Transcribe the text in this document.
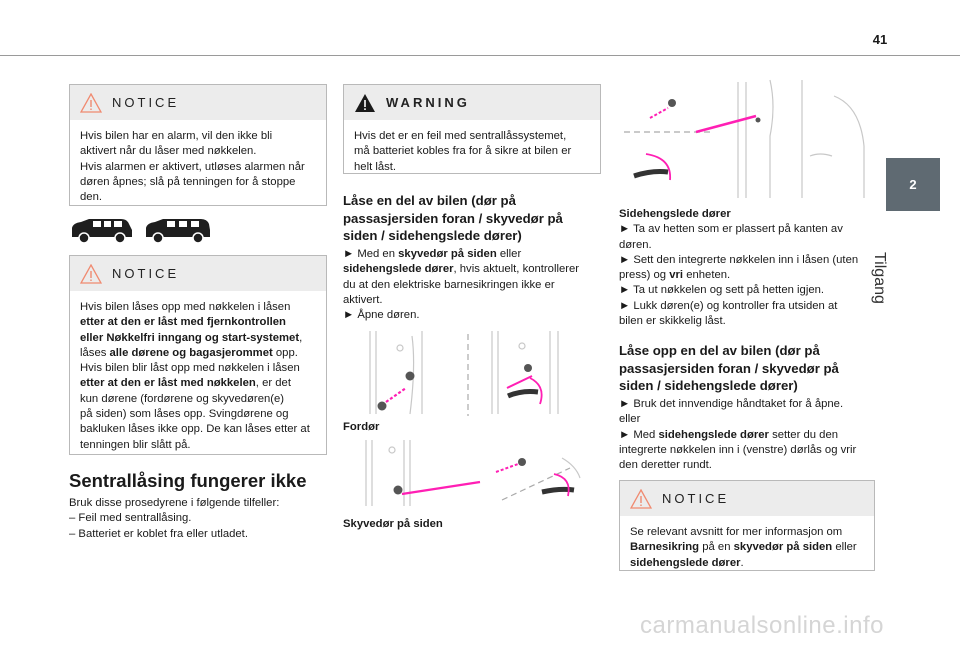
41
2
Tilgang
NOTICE

Hvis bilen har en alarm, vil den ikke bli

aktivert når du låser med nøkkelen.

Hvis alarmen er aktivert, utløses alarmen når

døren åpnes; slå på tenningen for å stoppe

den.

NOTICE

Hvis bilen låses opp med nøkkelen i låsen

etter at den er låst med fjernkontrollen

eller Nøkkelfri inngang og start-systemet,

låses alle dørene og bagasjerommet opp.

Hvis bilen blir låst opp med nøkkelen i låsen

etter at den er låst med nøkkelen, er det

kun dørene (fordørene og skyvedøren(e)

på siden) som låses opp. Svingdørene og

bakluken låses ikke opp. De kan låses etter at

tenningen blir slått på.

Sentrallåsing fungerer ikke

Bruk disse prosedyrene i følgende tilfeller:

– Feil med sentrallåsing.

– Batteriet er koblet fra eller utladet.

WARNING

Hvis det er en feil med sentrallåssystemet,

må batteriet kobles fra for å sikre at bilen er

helt låst.

Låse en del av bilen (dør på
passasjersiden foran / skyvedør på
siden / sidehengslede dører)

► Med en skyvedør på siden eller

sidehengslede dører, hvis aktuelt, kontrollerer

du at den elektriske barnesikringen ikke er

aktivert.

► Åpne døren.

Fordør
Skyvedør på siden

Sidehengslede dører

► Ta av hetten som er plassert på kanten av

døren.

► Sett den integrerte nøkkelen inn i låsen (uten

press) og vri enheten.

► Ta ut nøkkelen og sett på hetten igjen.

► Lukk døren(e) og kontroller fra utsiden at

bilen er skikkelig låst.

Låse opp en del av bilen (dør på
passasjersiden foran / skyvedør på
siden / sidehengslede dører)

► Bruk det innvendige håndtaket for å åpne.

eller

► Med sidehengslede dører setter du den

integrerte nøkkelen inn i (venstre) dørlås og vrir

den deretter rundt.

NOTICE

Se relevant avsnitt for mer informasjon om

Barnesikring på en skyvedør på siden eller

sidehengslede dører.

carmanualsonline.info
